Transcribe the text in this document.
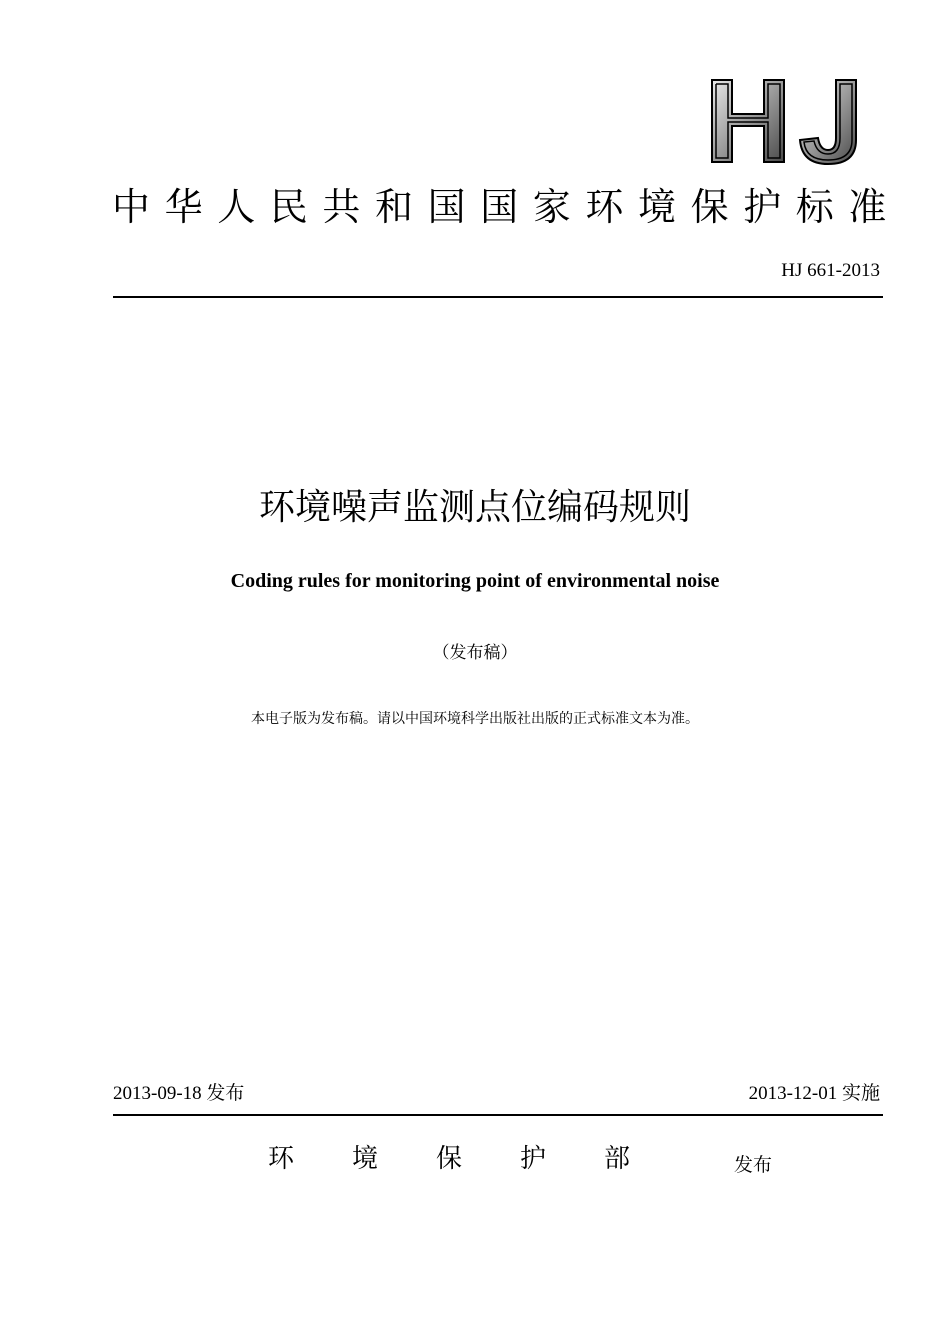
中华人民共和国国家环境保护标准
HJ 661-2013
环境噪声监测点位编码规则
Coding rules for monitoring point of environmental noise
（发布稿）
本电子版为发布稿。请以中国环境科学出版社出版的正式标准文本为准。
2013-09-18 发布	2013-12-01 实施
环境保护部 发布
